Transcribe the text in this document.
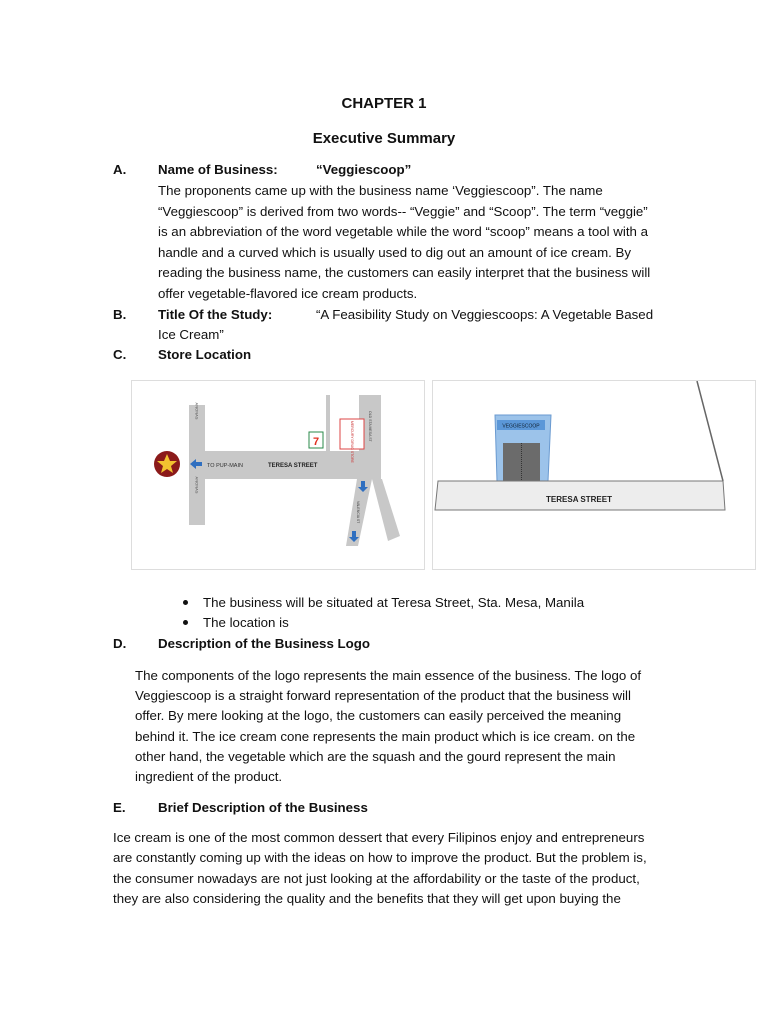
CHAPTER 1
Executive Summary
A. Name of Business:	“Veggiescoop”
The proponents came up with the business name ‘Veggiescoop”. The name
“Veggiescoop” is derived from two words-- “Veggie” and “Scoop”. The term “veggie”
is an abbreviation of the word vegetable while the word “scoop” means a tool with a
handle and a curved which is usually used to dig out an amount of ice cream. By
reading the business name, the customers can easily interpret that the business will
offer vegetable-flavored ice cream products.
B. Title Of the Study:	“A Feasibility Study on Veggiescoops: A Vegetable Based
Ice Cream”
C. Store Location
ANONAS
ANONAS
TO PUP-MAIN	TERESA STREET
7	MERCURY DRUG STORE	OLD STA MESA ST
VALENCIA ST
VEGGIESCOOP
TERESA STREET
The business will be situated at Teresa Street, Sta. Mesa, Manila
The location is
D. Description of the Business Logo
The components of the logo represents the main essence of the business. The logo of
Veggiescoop is a straight forward representation of the product that the business will
offer. By mere looking at the logo, the customers can easily perceived the meaning
behind it. The ice cream cone represents the main product which is ice cream. on the
other hand, the vegetable which are the squash and the gourd represent the main
ingredient of the product.
E. Brief Description of the Business
Ice cream is one of the most common dessert that every Filipinos enjoy and entrepreneurs
are constantly coming up with the ideas on how to improve the product. But the problem is,
the consumer nowadays are not just looking at the affordability or the taste of the product,
they are also considering the quality and the benefits that they will get upon buying the
